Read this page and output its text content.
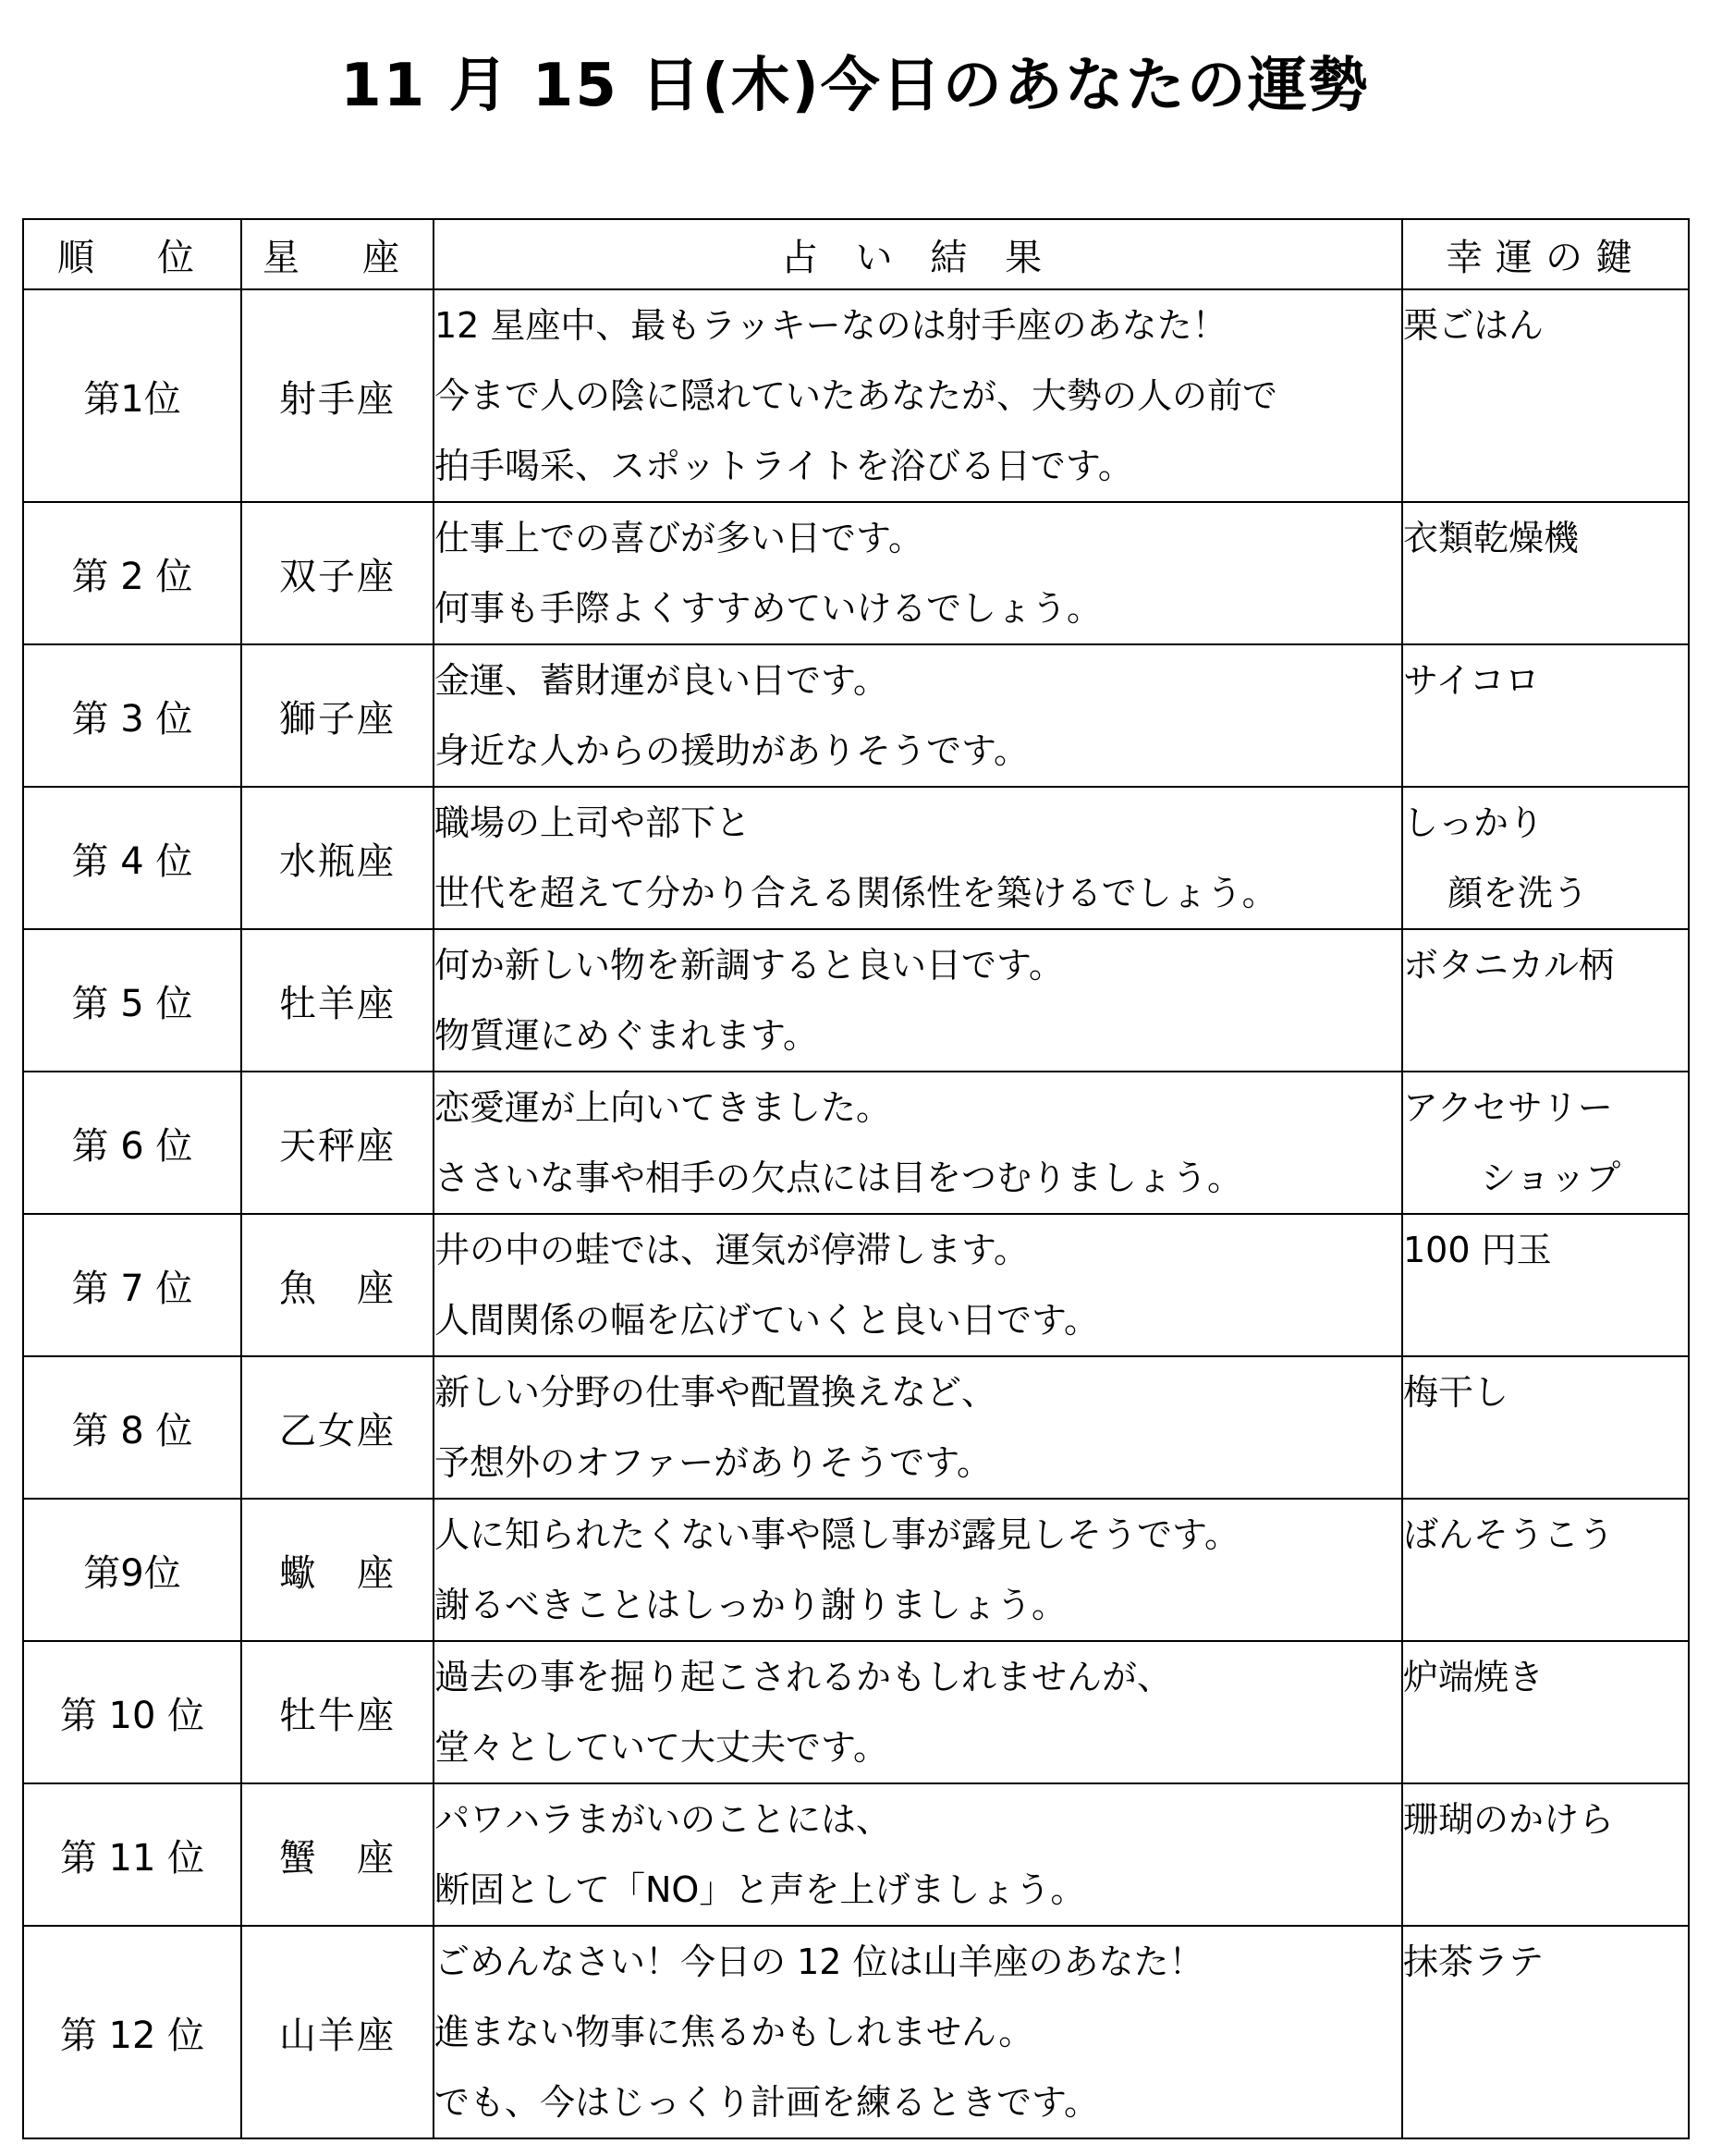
11 月 15 日(木)今日のあなたの運勢
順　位	星　座	占 い 結 果	幸運の鍵
第1位	射手座	12 星座中、最もラッキーなのは射手座のあなた！
今まで人の陰に隠れていたあなたが、大勢の人の前で
拍手喝采、スポットライトを浴びる日です。	栗ごはん

第 2 位	双子座	仕事上での喜びが多い日です。
何事も手際よくすすめていけるでしょう。	衣類乾燥機

第 3 位	獅子座	金運、蓄財運が良い日です。
身近な人からの援助がありそうです。	サイコロ

第 4 位	水瓶座	職場の上司や部下と
世代を超えて分かり合える関係性を築けるでしょう。	しっかり
顔を洗う

第 5 位	牡羊座	何か新しい物を新調すると良い日です。
物質運にめぐまれます。	ボタニカル柄

第 6 位	天秤座	恋愛運が上向いてきました。
ささいな事や相手の欠点には目をつむりましょう。	アクセサリー
ショップ

第 7 位	魚　座	井の中の蛙では、運気が停滞します。
人間関係の幅を広げていくと良い日です。	100 円玉

第 8 位	乙女座	新しい分野の仕事や配置換えなど、
予想外のオファーがありそうです。	梅干し

第9位	蠍　座	人に知られたくない事や隠し事が露見しそうです。
謝るべきことはしっかり謝りましょう。	ばんそうこう

第 10 位	牡牛座	過去の事を掘り起こされるかもしれませんが、
堂々としていて大丈夫です。	炉端焼き

第 11 位	蟹　座	パワハラまがいのことには、
断固として「NO」と声を上げましょう。	珊瑚のかけら

第 12 位	山羊座	ごめんなさい！今日の 12 位は山羊座のあなた！
進まない物事に焦るかもしれません。
でも、今はじっくり計画を練るときです。	抹茶ラテ
